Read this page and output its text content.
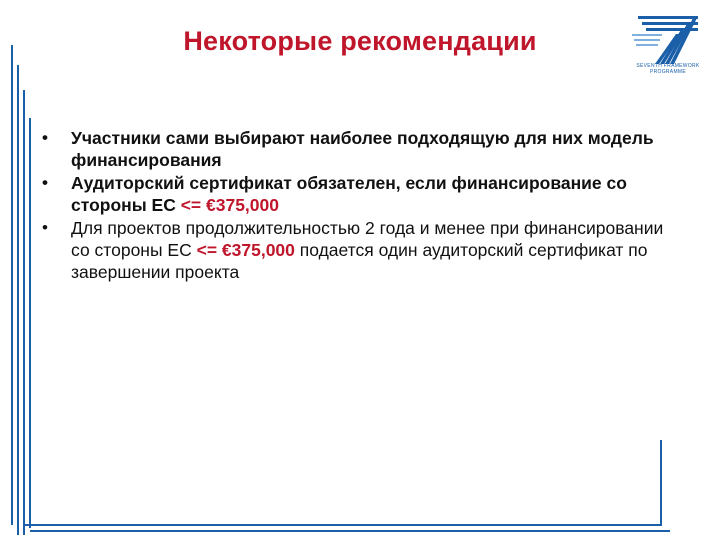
Некоторые рекомендации
SEVENTH FRAMEWORK
PROGRAMME
• Участники сами выбирают наиболее подходящую для них модель финансирования
• Аудиторский сертификат обязателен, если финансирование со стороны ЕС <= €375,000
• Для проектов продолжительностью 2 года и менее при финансировании со стороны ЕС <= €375,000 подается один аудиторский сертификат по завершении проекта
